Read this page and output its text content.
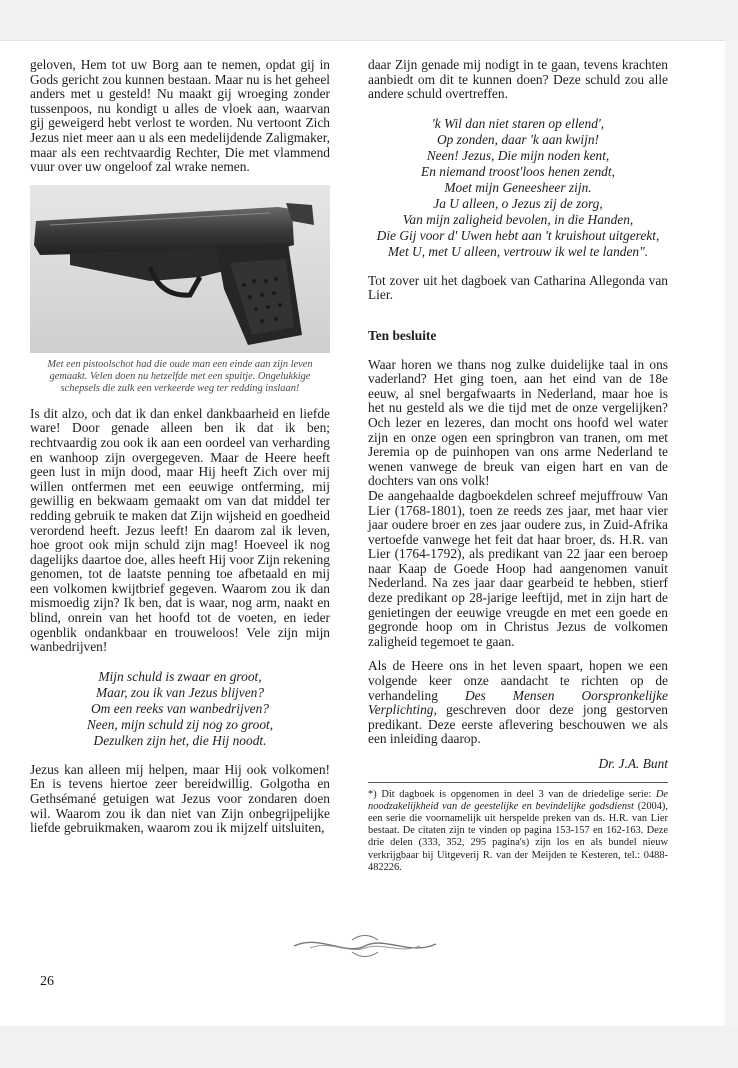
geloven, Hem tot uw Borg aan te nemen, opdat gij in Gods gericht zou kunnen bestaan. Maar nu is het geheel anders met u gesteld! Nu maakt gij wroeging zonder tussenpoos, nu kondigt u alles de vloek aan, waarvan gij geweigerd hebt verlost te worden. Nu vertoont Zich Jezus niet meer aan u als een medelijdende Zaligmaker, maar als een rechtvaardig Rechter, Die met vlammend vuur over uw ongeloof zal wrake nemen.

Met een pistoolschot had die oude man een einde aan zijn leven gemaakt. Velen doen nu hetzelfde met een spuitje. Ongelukkige schepsels die zulk een verkeerde weg ter redding inslaan!

Is dit alzo, och dat ik dan enkel dankbaarheid en liefde ware! Door genade alleen ben ik dat ik ben; rechtvaardig zou ook ik aan een oordeel van verharding en wanhoop zijn overgegeven. Maar de Heere heeft geen lust in mijn dood, maar Hij heeft Zich over mij willen ontfermen met een eeuwige ontferming, mij gewillig en bekwaam gemaakt om van dat middel ter redding gebruik te maken dat Zijn wijsheid en goedheid verordend heeft. Jezus leeft! En daarom zal ik leven, hoe groot ook mijn schuld zijn mag! Hoeveel ik nog dagelijks daartoe doe, alles heeft Hij voor Zijn rekening genomen, tot de laatste penning toe afbetaald en mij een volkomen kwijtbrief gegeven. Waarom zou ik dan mismoedig zijn? Ik ben, dat is waar, nog arm, naakt en blind, onrein van het hoofd tot de voeten, en ieder ogenblik ondankbaar en trouweloos! Vele zijn mijn wanbedrijven!

Mijn schuld is zwaar en groot,
Maar, zou ik van Jezus blijven?
Om een reeks van wanbedrijven?
Neen, mijn schuld zij nog zo groot,
Dezulken zijn het, die Hij noodt.

Jezus kan alleen mij helpen, maar Hij ook volkomen! En is tevens hiertoe zeer bereidwillig. Golgotha en Gethsémané getuigen wat Jezus voor zondaren doen wil. Waarom zou ik dan niet van Zijn onbegrijpelijke liefde gebruikmaken, waarom zou ik mijzelf uitsluiten,

daar Zijn genade mij nodigt in te gaan, tevens krachten aanbiedt om dit te kunnen doen? Deze schuld zou alle andere schuld overtreffen.

'k Wil dan niet staren op ellend',
Op zonden, daar 'k aan kwijn!
Neen! Jezus, Die mijn noden kent,
En niemand troost'loos henen zendt,
Moet mijn Geneesheer zijn.
Ja U alleen, o Jezus zij de zorg,
Van mijn zaligheid bevolen, in die Handen,
Die Gij voor d' Uwen hebt aan 't kruishout uitgerekt,
Met U, met U alleen, vertrouw ik wel te landen".

Tot zover uit het dagboek van Catharina Allegonda van Lier.

Ten besluite

Waar horen we thans nog zulke duidelijke taal in ons vaderland? Het ging toen, aan het eind van de 18e eeuw, al snel bergafwaarts in Nederland, maar hoe is het nu gesteld als we die tijd met de onze vergelijken? Och lezer en lezeres, dan mocht ons hoofd wel water zijn en onze ogen een springbron van tranen, om met Jeremia op de puinhopen van ons arme Nederland te wenen vanwege de breuk van eigen hart en van de dochters van ons volk!

De aangehaalde dagboekdelen schreef mejuffrouw Van Lier (1768-1801), toen ze reeds zes jaar, met haar vier jaar oudere broer en zes jaar oudere zus, in Zuid-Afrika vertoefde vanwege het feit dat haar broer, ds. H.R. van Lier (1764-1792), als predikant van 22 jaar een beroep naar Kaap de Goede Hoop had aangenomen vanuit Nederland. Na zes jaar daar gearbeid te hebben, stierf deze predikant op 28-jarige leeftijd, met in zijn hart de genietingen der eeuwige vreugde en met een goede en gegronde hoop om in Christus Jezus de volkomen zaligheid tegemoet te gaan.

Als de Heere ons in het leven spaart, hopen we een volgende keer onze aandacht te richten op de verhandeling Des Mensen Oorspronkelijke Verplichting, geschreven door deze jong gestorven predikant. Deze eerste aflevering beschouwen we als een inleiding daarop.

Dr. J.A. Bunt
*) Dit dagboek is opgenomen in deel 3 van de driedelige serie: De noodzakelijkheid van de geestelijke en bevindelijke godsdienst (2004), een serie die voornamelijk uit herspelde preken van ds. H.R. van Lier bestaat. De citaten zijn te vinden op pagina 153-157 en 162-163. Deze drie delen (333, 352, 295 pagina's) zijn los en als bundel nieuw verkrijgbaar bij Uitgeverij R. van der Meijden te Kesteren, tel.: 0488-482226.
26
